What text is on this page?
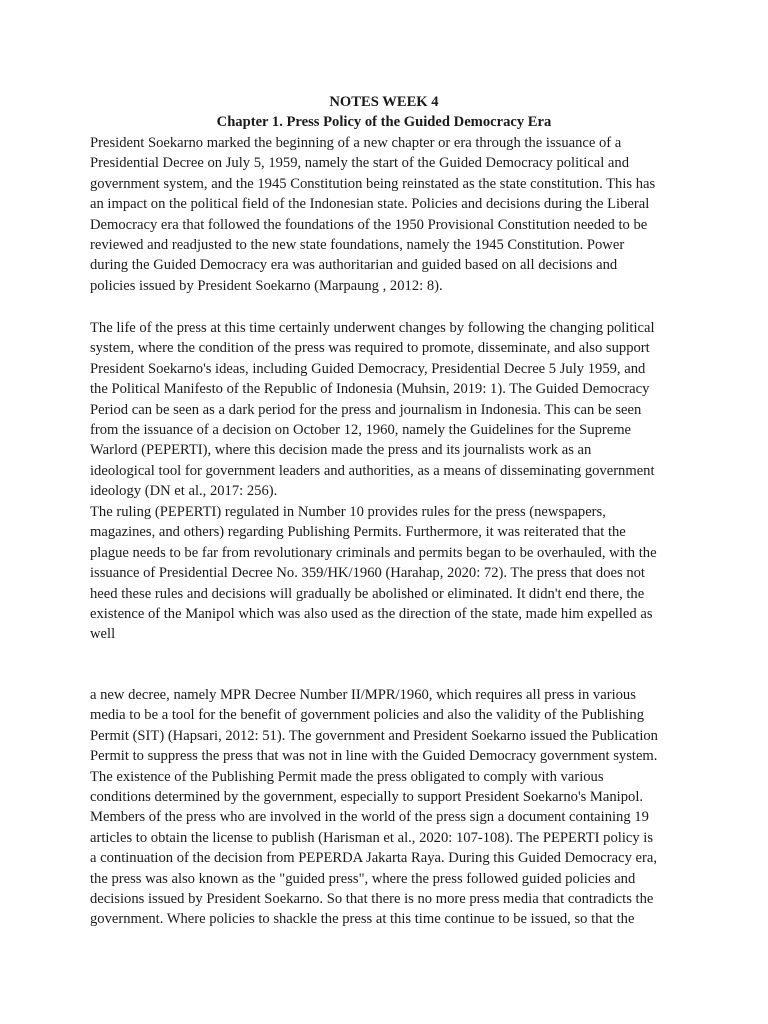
NOTES WEEK 4
Chapter 1. Press Policy of the Guided Democracy Era

President Soekarno marked the beginning of a new chapter or era through the issuance of a
Presidential Decree on July 5, 1959, namely the start of the Guided Democracy political and
government system, and the 1945 Constitution being reinstated as the state constitution. This has
an impact on the political field of the Indonesian state. Policies and decisions during the Liberal
Democracy era that followed the foundations of the 1950 Provisional Constitution needed to be
reviewed and readjusted to the new state foundations, namely the 1945 Constitution. Power
during the Guided Democracy era was authoritarian and guided based on all decisions and
policies issued by President Soekarno (Marpaung , 2012: 8).

The life of the press at this time certainly underwent changes by following the changing political
system, where the condition of the press was required to promote, disseminate, and also support
President Soekarno's ideas, including Guided Democracy, Presidential Decree 5 July 1959, and
the Political Manifesto of the Republic of Indonesia (Muhsin, 2019: 1). The Guided Democracy
Period can be seen as a dark period for the press and journalism in Indonesia. This can be seen
from the issuance of a decision on October 12, 1960, namely the Guidelines for the Supreme
Warlord (PEPERTI), where this decision made the press and its journalists work as an
ideological tool for government leaders and authorities, as a means of disseminating government
ideology (DN et al., 2017: 256).

The ruling (PEPERTI) regulated in Number 10 provides rules for the press (newspapers,
magazines, and others) regarding Publishing Permits. Furthermore, it was reiterated that the
plague needs to be far from revolutionary criminals and permits began to be overhauled, with the
issuance of Presidential Decree No. 359/HK/1960 (Harahap, 2020: 72). The press that does not
heed these rules and decisions will gradually be abolished or eliminated. It didn't end there, the
existence of the Manipol which was also used as the direction of the state, made him expelled as
well

a new decree, namely MPR Decree Number II/MPR/1960, which requires all press in various
media to be a tool for the benefit of government policies and also the validity of the Publishing
Permit (SIT) (Hapsari, 2012: 51). The government and President Soekarno issued the Publication
Permit to suppress the press that was not in line with the Guided Democracy government system.
The existence of the Publishing Permit made the press obligated to comply with various
conditions determined by the government, especially to support President Soekarno's Manipol.
Members of the press who are involved in the world of the press sign a document containing 19
articles to obtain the license to publish (Harisman et al., 2020: 107-108). The PEPERTI policy is
a continuation of the decision from PEPERDA Jakarta Raya. During this Guided Democracy era,
the press was also known as the "guided press", where the press followed guided policies and
decisions issued by President Soekarno. So that there is no more press media that contradicts the
government. Where policies to shackle the press at this time continue to be issued, so that the
